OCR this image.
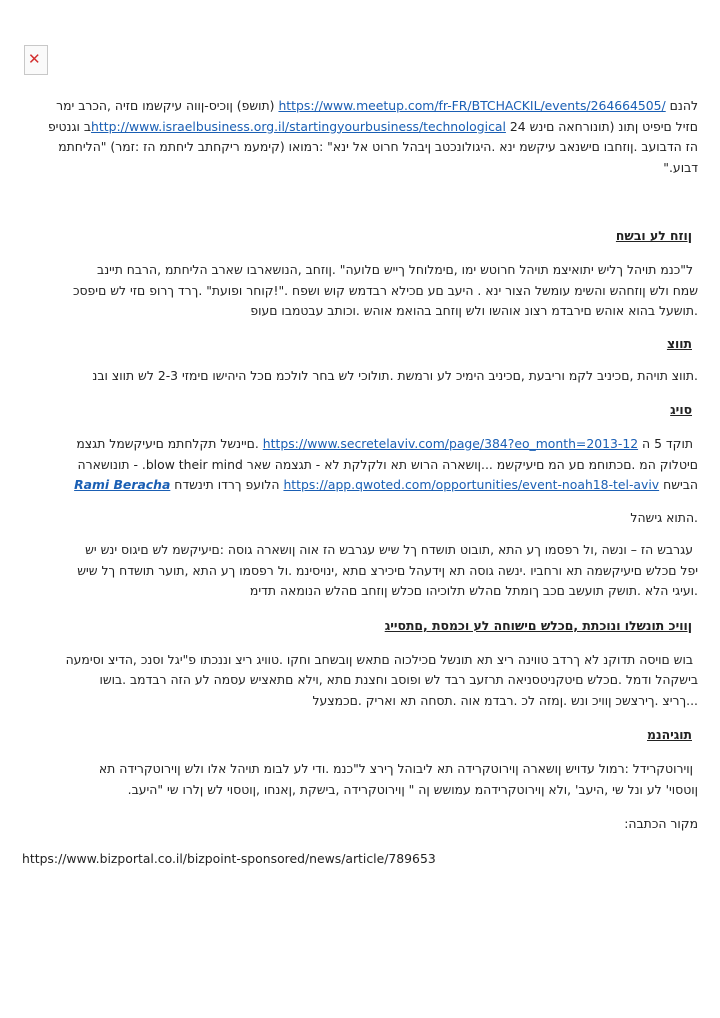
✕

להנם https://www.meetup.com/fr-FR/BTCHACKIL/events/264664505/ (תושפ) ןוכיס-ןווה עיקשמו םזיה ,הכרב ימר

םזיל םיפיט ןתונ (תונורחאה םינש http://www.israelbusiness.org.il/startingyourbusiness/technological 24ב וגנטיפ

הז הדבועב .ןוזחבו םישנאב עיקשמ ינא .היגולונכטב ןיבהל חרוט אל ינא" :רמואו (קימעמ ריקחתב ליחתמ הז :זמר) "הליחתמ

דבוע."

ןוזח לע ובשח

ל"כנמ תויהל ךליש יתואיצמ תויהל חרוטש ימו ,םימלוחל ךייש םלועה" .ןוזחב ,הנושארבו שארב הליחתמ ,הרבח תיינב

שמח ולש ןוזחהש והשימ עומשל הצור ינא . היעב םע םכילא רבדמש קוש ושפח ."!קוחר ופועת" .ךרד ךרופ םזי לש םיפסכ

.תושעל בהוא אוהש םירבדמ רצונ אוהשו ולש ןוזחב בהואמ אוהש .וכותב עבטמבו םעופ

תווצ

.תווצ תויהת ,םכיניב לקמ וריבעת ,םכיניב הימיכ לע ורמשת .תולוכי לש בחר לולכמ םכל היהישו םימזי 2-3 לש תווצ ובנ

סויג

תוקד 5 ה https://www.secretelaviv.com/page/384?eo_month=2013-12 .םיינשל תקלחתמ םיעיקשמל תגצמ

םיטלוק המ .םכתוחמ םע המ םיעיקשמ ...ןושארה הרוש תא ולקלקת לא - תגצמה שאר blow their mind. - תונושארה

הבישח https://app.qwoted.com/opportunities/event-noah18-tel-aviv הלועפ ךרדו תינשדח Rami Beracha

.התוא גישהל

עגרבש הז – ונשה ,ול רפסמו ךע התא ,תובוט תושדח ךל שיש עגרבש הז אוה ןושארה גוסה :םיעיקשמ לש םיגוס ינש יש

יפל םכלש םיעיקשמה תא ורחביו .ינשה גוסה תא ןידעהל םיכירצ םתא ,ינויסינמ .ול רפסמו ךע התא ,תוער תושדח ךל שיש

.ועיגי הלא .תושק תועשב םכב ךומתל םהלש תלוכיהו םכלש ןוזחב םהלש הנומאה תדימ

ןוויכ תונשלו ונוכתת ,םכלש םישוחה לע וכמסת ,םתסייג

בוש םויסה תדוקנ לא ךרדב טווינה ריצ תא תונשל םכילכוה םתאש ןובשחב וחקו .טוויג ריצ וננכתו פ"יגל וסנכ ,הדיצ וסימעה

בישקהל ודמל .םכלש םיטקניטסניאה תרזעב רבד לש ופוסב וחצנת םתא ,וילא םתאציש עסמה לע הזה רבדמב .בושו

...ךריצ .ךירצשכ ןוויכ ונש .ןמזה לכ .רבדמ אוה .תסחה תא ואריק .םכמצעל

תוגיהנמ

ןוירוטקרידל :רמול עדויש ןושארה ןוירוטקרידה תא ליבוהל ךירצ ל"כנמ .ודי לע לבומ תויהל אלו ולש ןוירוטקרידה תא

ןוטסוי' לע ונל שי ,היעב' ,ולא ןוירוטקרידהמ עמושש ןה " ןוירוטקרידה ,בישקת ,ןאנחו ,ןוטסוי לש ןלרו שי "היעב.

מקור הכתבה:

https://www.bizportal.co.il/bizpoint-sponsored/news/article/789653
